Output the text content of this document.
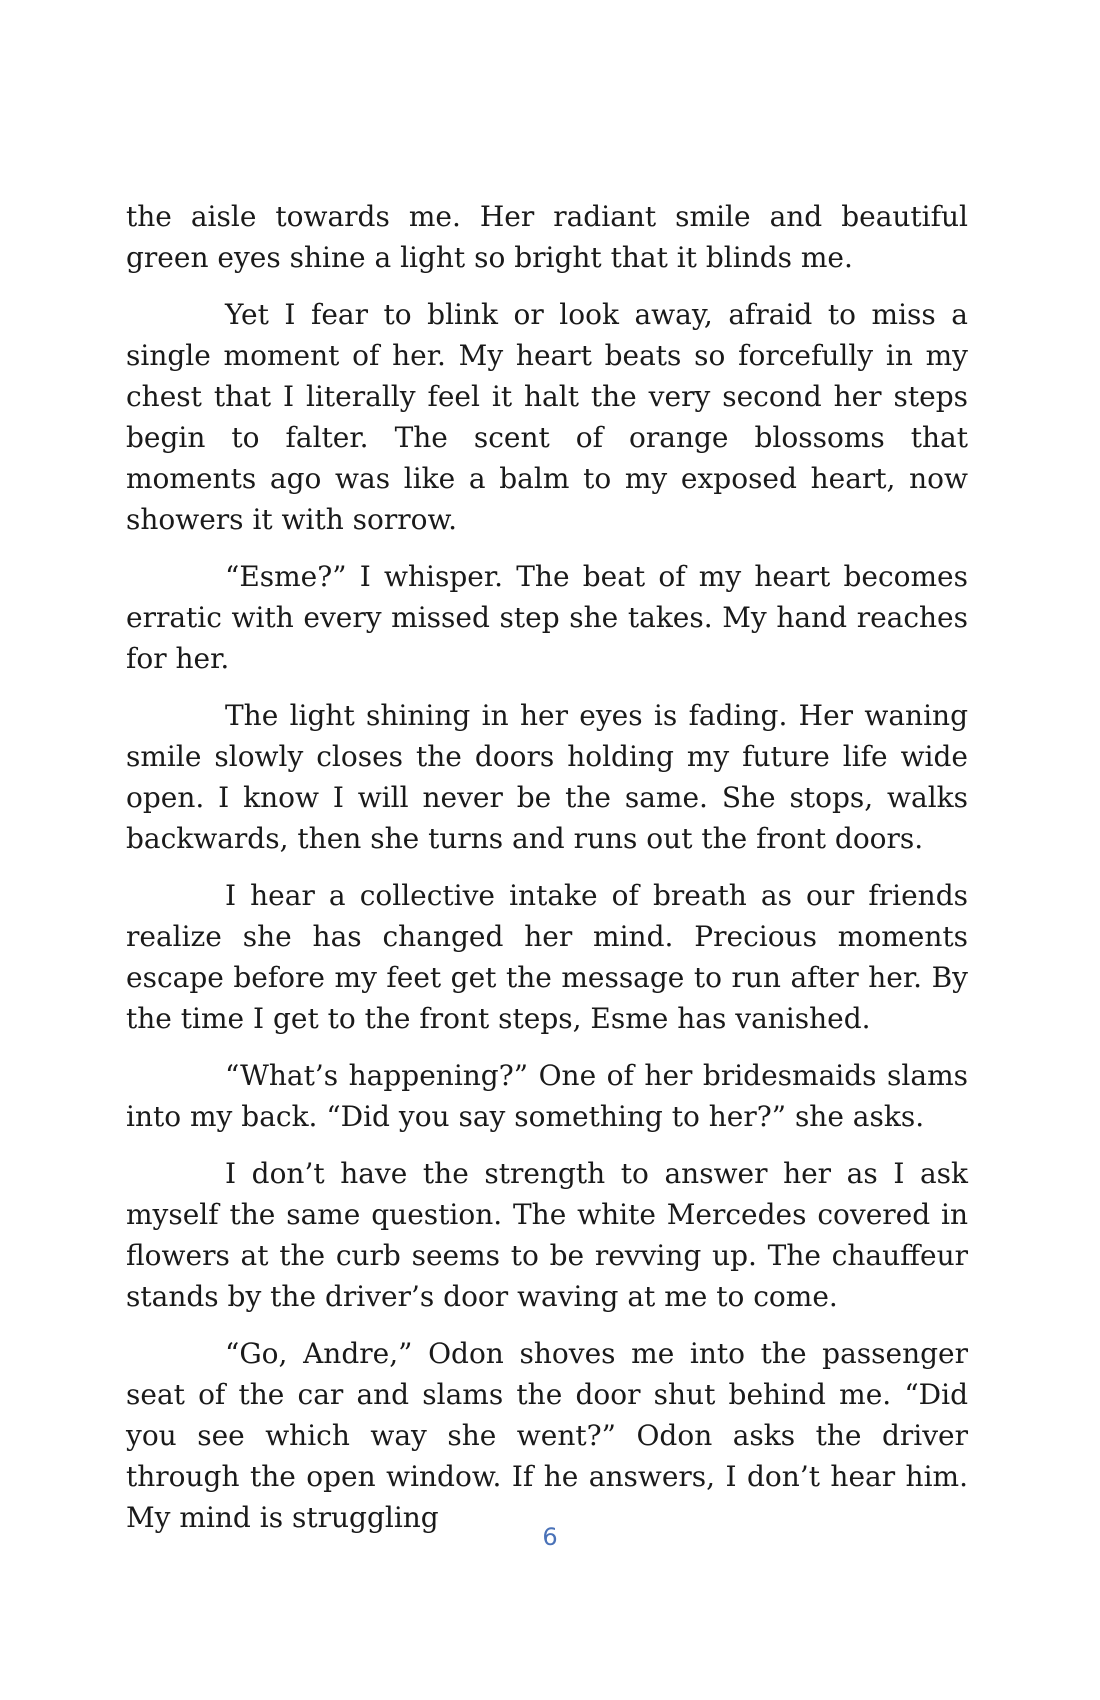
the aisle towards me. Her radiant smile and beautiful green eyes shine a light so bright that it blinds me.

Yet I fear to blink or look away, afraid to miss a single moment of her. My heart beats so forcefully in my chest that I literally feel it halt the very second her steps begin to falter. The scent of orange blossoms that moments ago was like a balm to my exposed heart, now showers it with sorrow.

“Esme?” I whisper. The beat of my heart becomes erratic with every missed step she takes. My hand reaches for her.

The light shining in her eyes is fading. Her waning smile slowly closes the doors holding my future life wide open. I know I will never be the same. She stops, walks backwards, then she turns and runs out the front doors.

I hear a collective intake of breath as our friends realize she has changed her mind. Precious moments escape before my feet get the message to run after her. By the time I get to the front steps, Esme has vanished.

“What’s happening?” One of her bridesmaids slams into my back. “Did you say something to her?” she asks.

I don’t have the strength to answer her as I ask myself the same question. The white Mercedes covered in flowers at the curb seems to be revving up. The chauffeur stands by the driver’s door waving at me to come.

“Go, Andre,” Odon shoves me into the passenger seat of the car and slams the door shut behind me. “Did you see which way she went?” Odon asks the driver through the open window. If he answers, I don’t hear him. My mind is struggling

6
